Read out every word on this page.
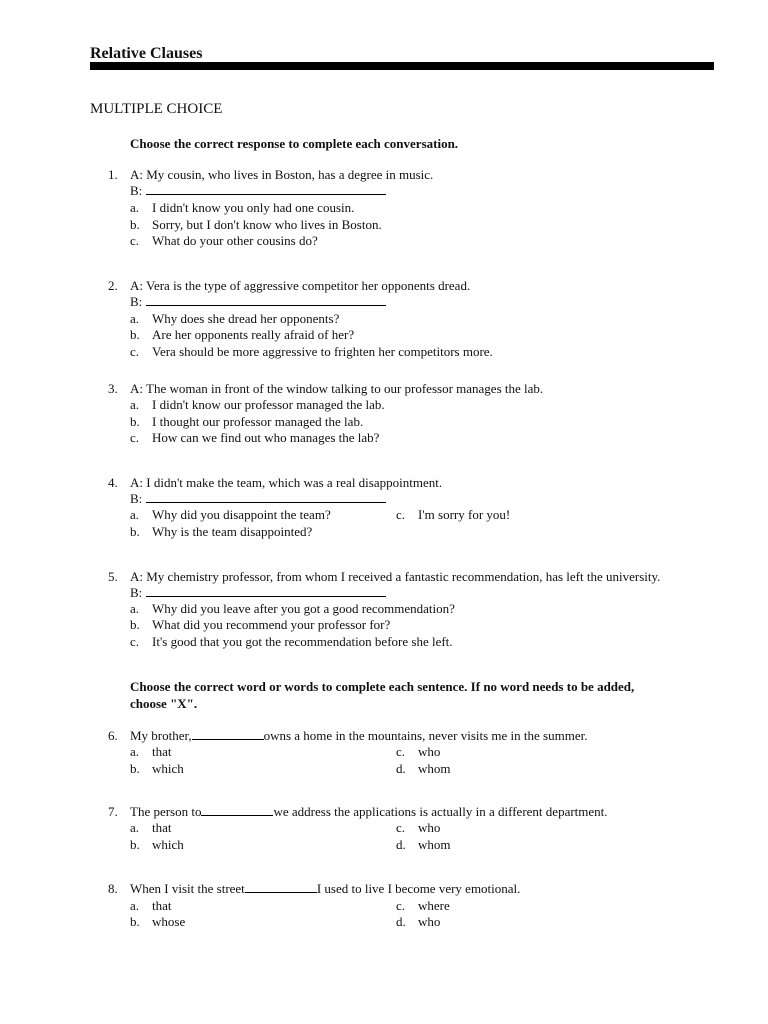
Relative Clauses
MULTIPLE CHOICE
Choose the correct response to complete each conversation.
1. A: My cousin, who lives in Boston, has a degree in music.
B:
a. I didn't know you only had one cousin.
b. Sorry, but I don't know who lives in Boston.
c. What do your other cousins do?
2. A: Vera is the type of aggressive competitor her opponents dread.
B:
a. Why does she dread her opponents?
b. Are her opponents really afraid of her?
c. Vera should be more aggressive to frighten her competitors more.
3. A: The woman in front of the window talking to our professor manages the lab.
a. I didn't know our professor managed the lab.
b. I thought our professor managed the lab.
c. How can we find out who manages the lab?
4. A: I didn't make the team, which was a real disappointment.
B:
a. Why did you disappoint the team?	c. I'm sorry for you!
b. Why is the team disappointed?
5. A: My chemistry professor, from whom I received a fantastic recommendation, has left the university.
B:
a. Why did you leave after you got a good recommendation?
b. What did you recommend your professor for?
c. It's good that you got the recommendation before she left.
Choose the correct word or words to complete each sentence. If no word needs to be added,
choose "X".
6. My brother,	owns a home in the mountains, never visits me in the summer.
a. that	c. who
b. which	d. whom
7. The person to	we address the applications is actually in a different department.
a. that	c. who
b. which	d. whom
8. When I visit the street	I used to live I become very emotional.
a. that	c. where
b. whose	d. who
